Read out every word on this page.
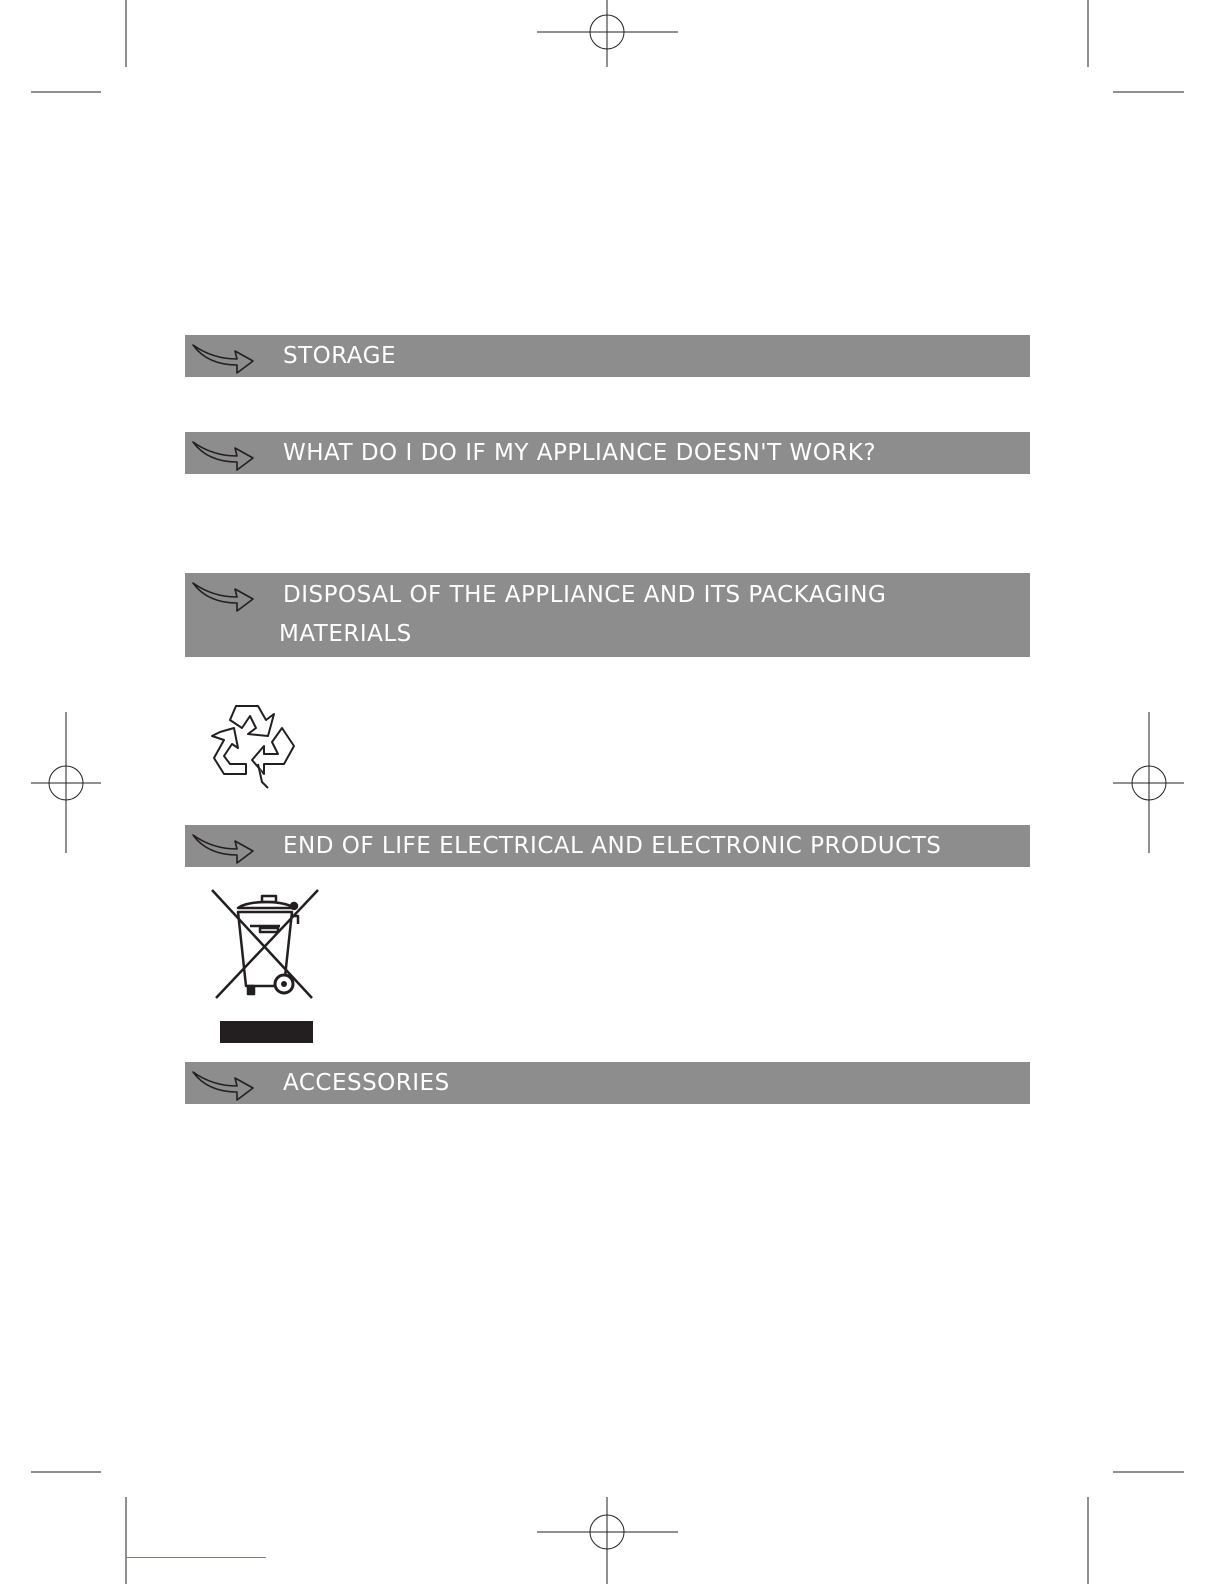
STORAGE
WHAT DO I DO IF MY APPLIANCE DOESN'T WORK?
DISPOSAL OF THE APPLIANCE AND ITS PACKAGING MATERIALS
END OF LIFE ELECTRICAL AND ELECTRONIC PRODUCTS
ACCESSORIES
